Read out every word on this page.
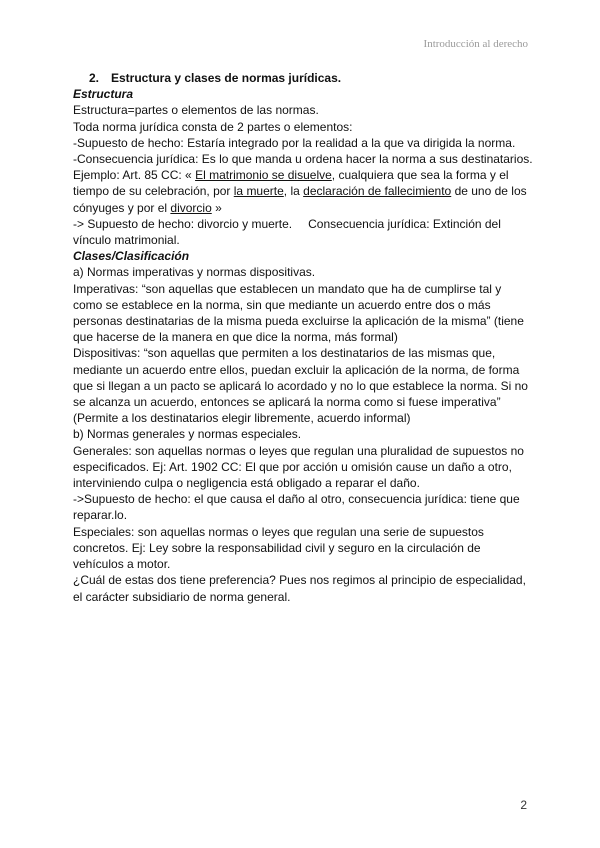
Introducción al derecho

2. Estructura y clases de normas jurídicas.

Estructura

Estructura=partes o elementos de las normas.

Toda norma jurídica consta de 2 partes o elementos:

-Supuesto de hecho: Estaría integrado por la realidad a la que va dirigida la norma.

-Consecuencia jurídica: Es lo que manda u ordena hacer la norma a sus destinatarios.

Ejemplo: Art. 85 CC: « El matrimonio se disuelve, cualquiera que sea la forma y el tiempo de su celebración, por la muerte, la declaración de fallecimiento de uno de los cónyuges y por el divorcio »

-> Supuesto de hecho: divorcio y muerte. Consecuencia jurídica: Extinción del vínculo matrimonial.

Clases/Clasificación

a) Normas imperativas y normas dispositivas.

Imperativas: “son aquellas que establecen un mandato que ha de cumplirse tal y como se establece en la norma, sin que mediante un acuerdo entre dos o más personas destinatarias de la misma pueda excluirse la aplicación de la misma” (tiene que hacerse de la manera en que dice la norma, más formal)

Dispositivas: “son aquellas que permiten a los destinatarios de las mismas que, mediante un acuerdo entre ellos, puedan excluir la aplicación de la norma, de forma que si llegan a un pacto se aplicará lo acordado y no lo que establece la norma. Si no se alcanza un acuerdo, entonces se aplicará la norma como si fuese imperativa” (Permite a los destinatarios elegir libremente, acuerdo informal)

b) Normas generales y normas especiales.

Generales: son aquellas normas o leyes que regulan una pluralidad de supuestos no especificados. Ej: Art. 1902 CC: El que por acción u omisión cause un daño a otro, interviniendo culpa o negligencia está obligado a reparar el daño.

->Supuesto de hecho: el que causa el daño al otro, consecuencia jurídica: tiene que reparar.lo.

Especiales: son aquellas normas o leyes que regulan una serie de supuestos concretos. Ej: Ley sobre la responsabilidad civil y seguro en la circulación de vehículos a motor.

¿Cuál de estas dos tiene preferencia? Pues nos regimos al principio de especialidad, el carácter subsidiario de norma general.

2
